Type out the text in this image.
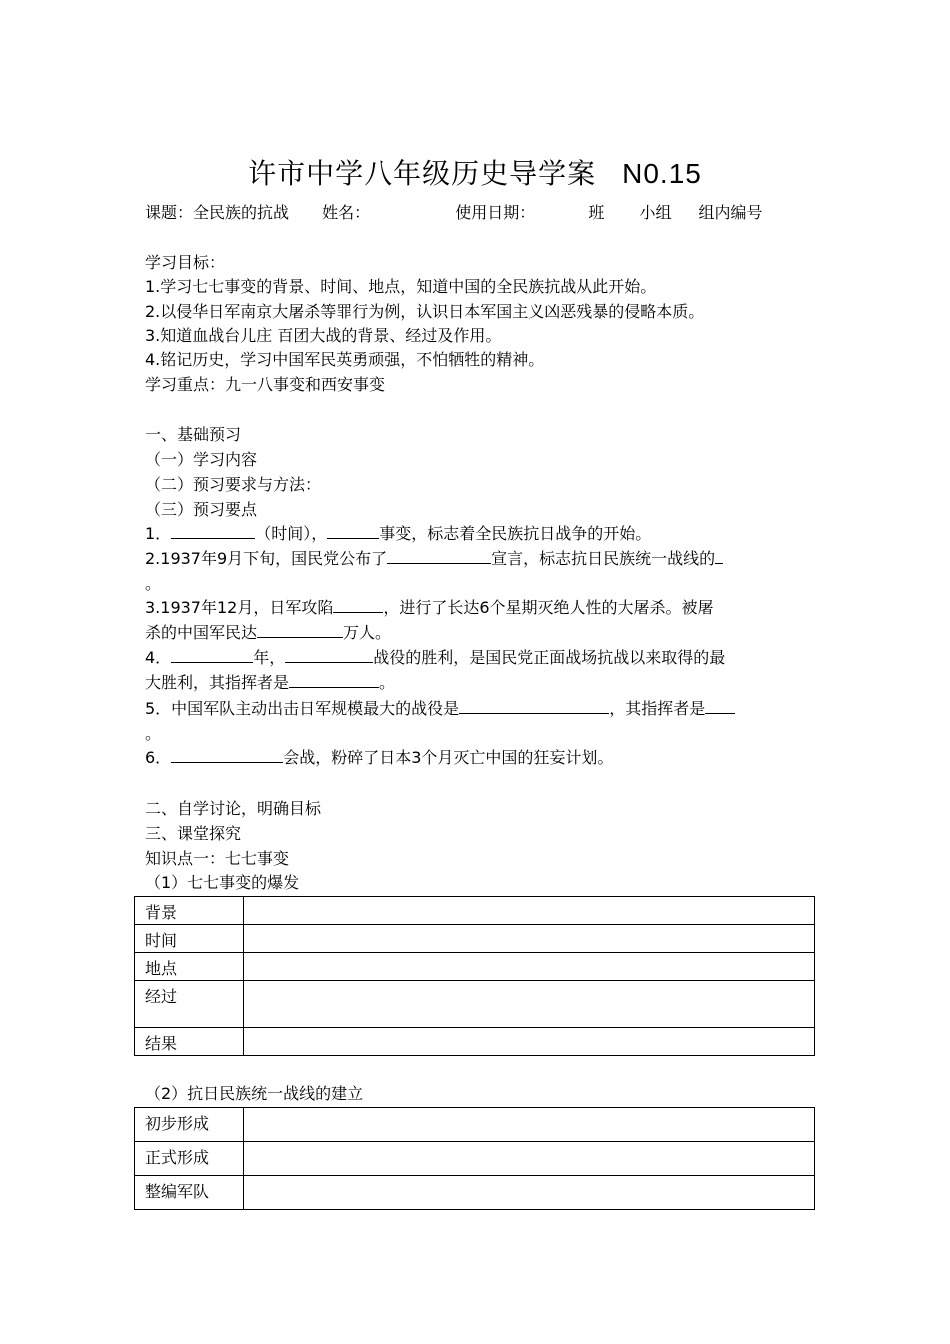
许市中学八年级历史导学案 N0.15
课题：全民族的抗战 姓名：	使用日期：	班 小组 组内编号
学习目标：
1.学习七七事变的背景、时间、地点，知道中国的全民族抗战从此开始。
2.以侵华日军南京大屠杀等罪行为例，认识日本军国主义凶恶残暴的侵略本质。
3.知道血战台儿庄 百团大战的背景、经过及作用。
4.铭记历史，学习中国军民英勇顽强，不怕牺牲的精神。
学习重点：九一八事变和西安事变
一、基础预习
（一）学习内容
（二）预习要求与方法：
（三）预习要点
1．	（时间），	事变，标志着全民族抗日战争的开始。
2.1937年9月下旬，国民党公布了	宣言，标志抗日民族统一战线的
。
3.1937年12月，日军攻陷	，进行了长达6个星期灭绝人性的大屠杀。被屠
杀的中国军民达	万人。
4．	年，	战役的胜利，是国民党正面战场抗战以来取得的最
大胜利，其指挥者是	。
5．中国军队主动出击日军规模最大的战役是	，其指挥者是
。
6．	会战，粉碎了日本3个月灭亡中国的狂妄计划。
二、自学讨论，明确目标
三、课堂探究
知识点一：七七事变
（1）七七事变的爆发
背景	
时间	
地点	
经过	
结果	
（2）抗日民族统一战线的建立
初步形成	
正式形成	
整编军队	
